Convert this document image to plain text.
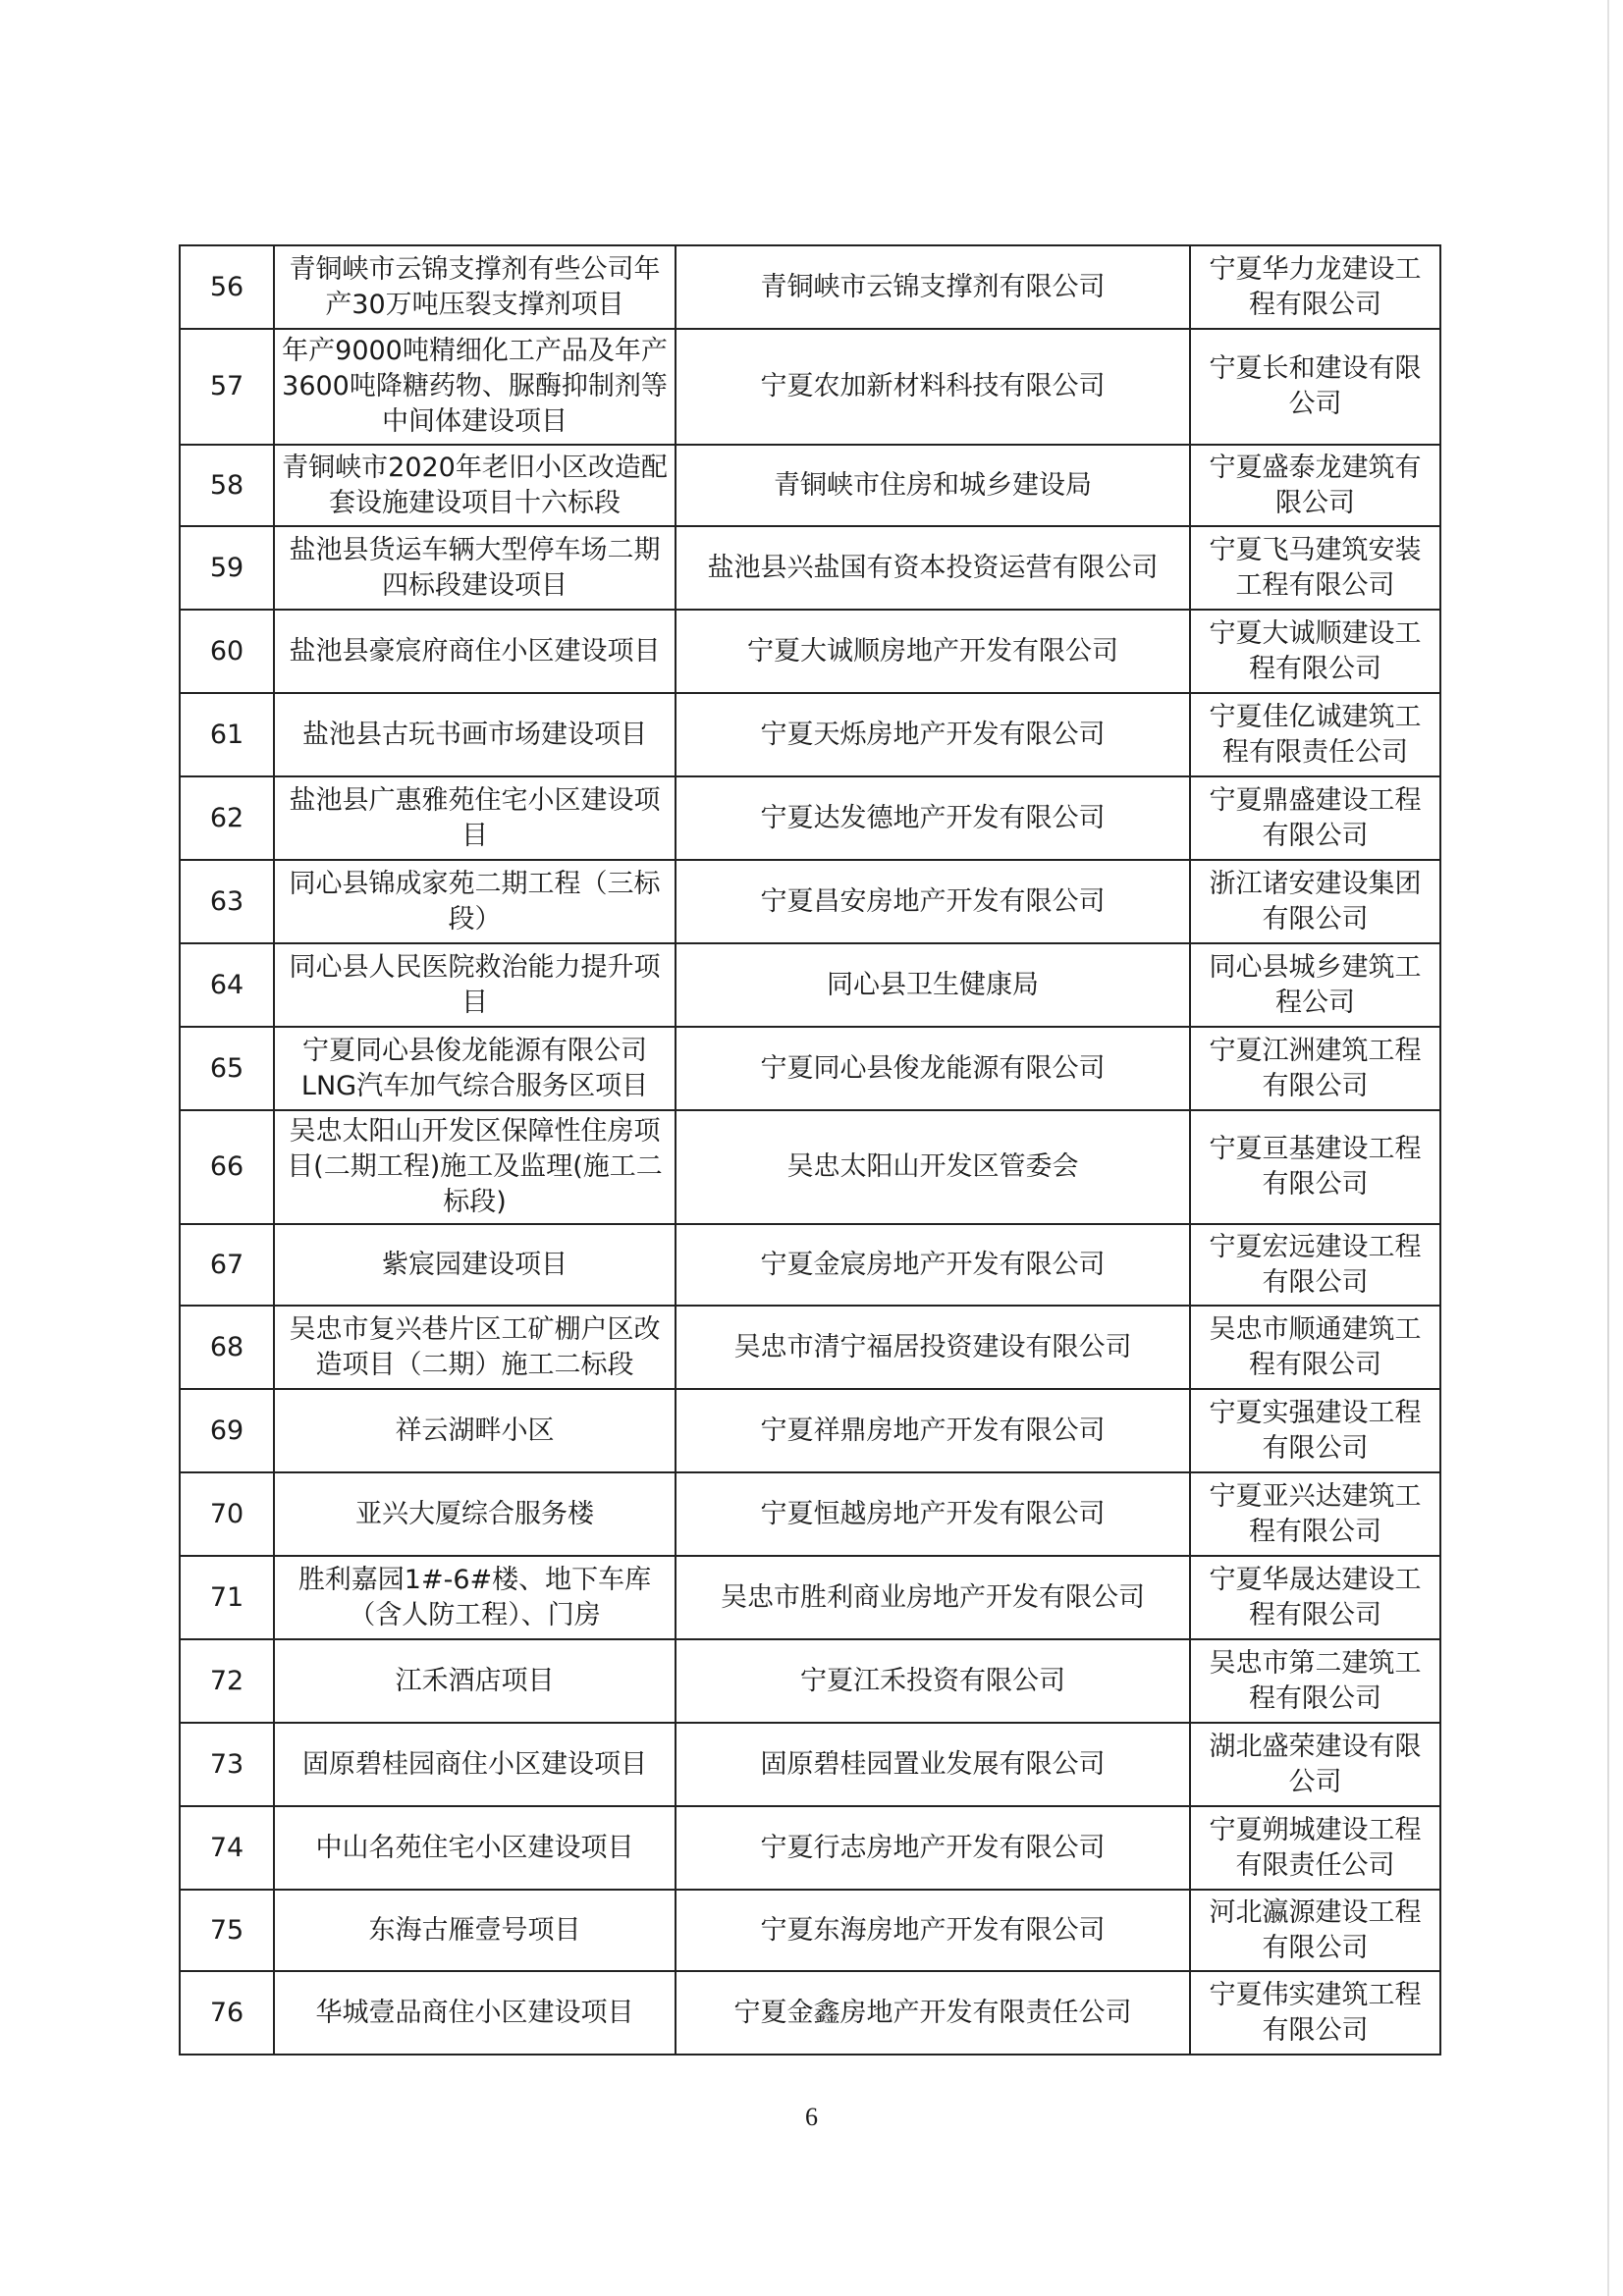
56	青铜峡市云锦支撑剂有些公司年产30万吨压裂支撑剂项目	青铜峡市云锦支撑剂有限公司	宁夏华力龙建设工程有限公司
57	年产9000吨精细化工产品及年产3600吨降糖药物、脲酶抑制剂等中间体建设项目	宁夏农加新材料科技有限公司	宁夏长和建设有限公司
58	青铜峡市2020年老旧小区改造配套设施建设项目十六标段	青铜峡市住房和城乡建设局	宁夏盛泰龙建筑有限公司
59	盐池县货运车辆大型停车场二期四标段建设项目	盐池县兴盐国有资本投资运营有限公司	宁夏飞马建筑安装工程有限公司
60	盐池县豪宸府商住小区建设项目	宁夏大诚顺房地产开发有限公司	宁夏大诚顺建设工程有限公司
61	盐池县古玩书画市场建设项目	宁夏天烁房地产开发有限公司	宁夏佳亿诚建筑工程有限责任公司
62	盐池县广惠雅苑住宅小区建设项目	宁夏达发德地产开发有限公司	宁夏鼎盛建设工程有限公司
63	同心县锦成家苑二期工程（三标段）	宁夏昌安房地产开发有限公司	浙江诸安建设集团有限公司
64	同心县人民医院救治能力提升项目	同心县卫生健康局	同心县城乡建筑工程公司
65	宁夏同心县俊龙能源有限公司LNG汽车加气综合服务区项目	宁夏同心县俊龙能源有限公司	宁夏江洲建筑工程有限公司
66	吴忠太阳山开发区保障性住房项目(二期工程)施工及监理(施工二标段)	吴忠太阳山开发区管委会	宁夏亘基建设工程有限公司
67	紫宸园建设项目	宁夏金宸房地产开发有限公司	宁夏宏远建设工程有限公司
68	吴忠市复兴巷片区工矿棚户区改造项目（二期）施工二标段	吴忠市清宁福居投资建设有限公司	吴忠市顺通建筑工程有限公司
69	祥云湖畔小区	宁夏祥鼎房地产开发有限公司	宁夏实强建设工程有限公司
70	亚兴大厦综合服务楼	宁夏恒越房地产开发有限公司	宁夏亚兴达建筑工程有限公司
71	胜利嘉园1#-6#楼、地下车库（含人防工程）、门房	吴忠市胜利商业房地产开发有限公司	宁夏华晟达建设工程有限公司
72	江禾酒店项目	宁夏江禾投资有限公司	吴忠市第二建筑工程有限公司
73	固原碧桂园商住小区建设项目	固原碧桂园置业发展有限公司	湖北盛荣建设有限公司
74	中山名苑住宅小区建设项目	宁夏行志房地产开发有限公司	宁夏朔城建设工程有限责任公司
75	东海古雁壹号项目	宁夏东海房地产开发有限公司	河北瀛源建设工程有限公司
76	华城壹品商住小区建设项目	宁夏金鑫房地产开发有限责任公司	宁夏伟实建筑工程有限公司
6
